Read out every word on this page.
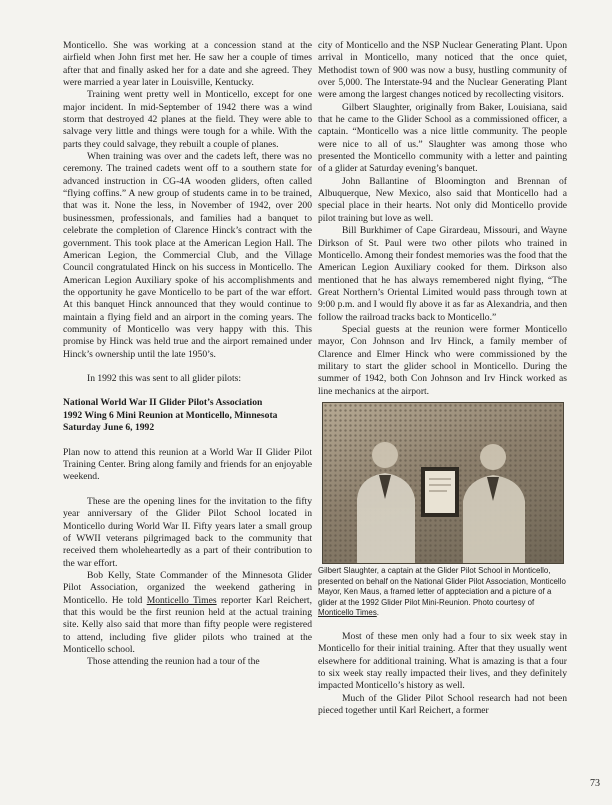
Monticello. She was working at a concession stand at the airfield when John first met her. He saw her a couple of times after that and finally asked her for a date and she agreed. They were married a year later in Louisville, Kentucky.

Training went pretty well in Monticello, except for one major incident. In mid-September of 1942 there was a wind storm that destroyed 42 planes at the field. They were able to salvage very little and things were tough for a while. With the parts they could salvage, they rebuilt a couple of planes.

When training was over and the cadets left, there was no ceremony. The trained cadets went off to a southern state for advanced instruction in CG-4A wooden gliders, often called “flying coffins.” A new group of students came in to be trained, that was it. None the less, in November of 1942, over 200 businessmen, professionals, and families had a banquet to celebrate the completion of Clarence Hinck’s contract with the government. This took place at the American Legion Hall. The American Legion, the Commercial Club, and the Village Council congratulated Hinck on his success in Monticello. The American Legion Auxiliary spoke of his accomplishments and the opportunity he gave Monticello to be part of the war effort. At this banquet Hinck announced that they would continue to maintain a flying field and an airport in the coming years. The community of Monticello was very happy with this. This promise by Hinck was held true and the airport remained under Hinck’s ownership until the late 1950’s.

In 1992 this was sent to all glider pilots:

National World War II Glider Pilot’s Association
1992 Wing 6 Mini Reunion at Monticello, Minnesota
Saturday June 6, 1992

Plan now to attend this reunion at a World War II Glider Pilot Training Center. Bring along family and friends for an enjoyable weekend.

These are the opening lines for the invitation to the fifty year anniversary of the Glider Pilot School located in Monticello during World War II. Fifty years later a small group of WWII veterans pilgrimaged back to the community that received them wholeheartedly as a part of their contribution to the war effort.

Bob Kelly, State Commander of the Minnesota Glider Pilot Association, organized the weekend gathering in Monticello. He told Monticello Times reporter Karl Reichert, that this would be the first reunion held at the actual training site. Kelly also said that more than fifty people were registered to attend, including five glider pilots who trained at the Monticello school.

Those attending the reunion had a tour of the

city of Monticello and the NSP Nuclear Generating Plant. Upon arrival in Monticello, many noticed that the once quiet, Methodist town of 900 was now a busy, hustling community of over 5,000. The Interstate-94 and the Nuclear Generating Plant were among the largest changes noticed by recollecting visitors.

Gilbert Slaughter, originally from Baker, Louisiana, said that he came to the Glider School as a commissioned officer, a captain. “Monticello was a nice little community. The people were nice to all of us.” Slaughter was among those who presented the Monticello community with a letter and painting of a glider at Saturday evening’s banquet.

John Ballantine of Bloomington and Brennan of Albuquerque, New Mexico, also said that Monticello had a special place in their hearts. Not only did Monticello provide pilot training but love as well.

Bill Burkhimer of Cape Girardeau, Missouri, and Wayne Dirkson of St. Paul were two other pilots who trained in Monticello. Among their fondest memories was the food that the American Legion Auxiliary cooked for them. Dirkson also mentioned that he has always remembered night flying, “The Great Northern’s Oriental Limited would pass through town at 9:00 p.m. and I would fly above it as far as Alexandria, and then follow the railroad tracks back to Monticello.”

Special guests at the reunion were former Monticello mayor, Con Johnson and Irv Hinck, a family member of Clarence and Elmer Hinck who were commissioned by the military to start the glider school in Monticello. During the summer of 1942, both Con Johnson and Irv Hinck worked as line mechanics at the airport.

Gilbert Slaughter, a captain at the Glider Pilot School in Monticello, presented on behalf on the National Glider Pilot Association, Monticello Mayor, Ken Maus, a framed letter of appteciation and a picture of a glider at the 1992 Glider Pilot Mini-Reunion. Photo courtesy of Monticello Times.

Most of these men only had a four to six week stay in Monticello for their initial training. After that they usually went elsewhere for additional training. What is amazing is that a four to six week stay really impacted their lives, and they definitely impacted Monticello’s history as well.

Much of the Glider Pilot School research had not been pieced together until Karl Reichert, a former

73
